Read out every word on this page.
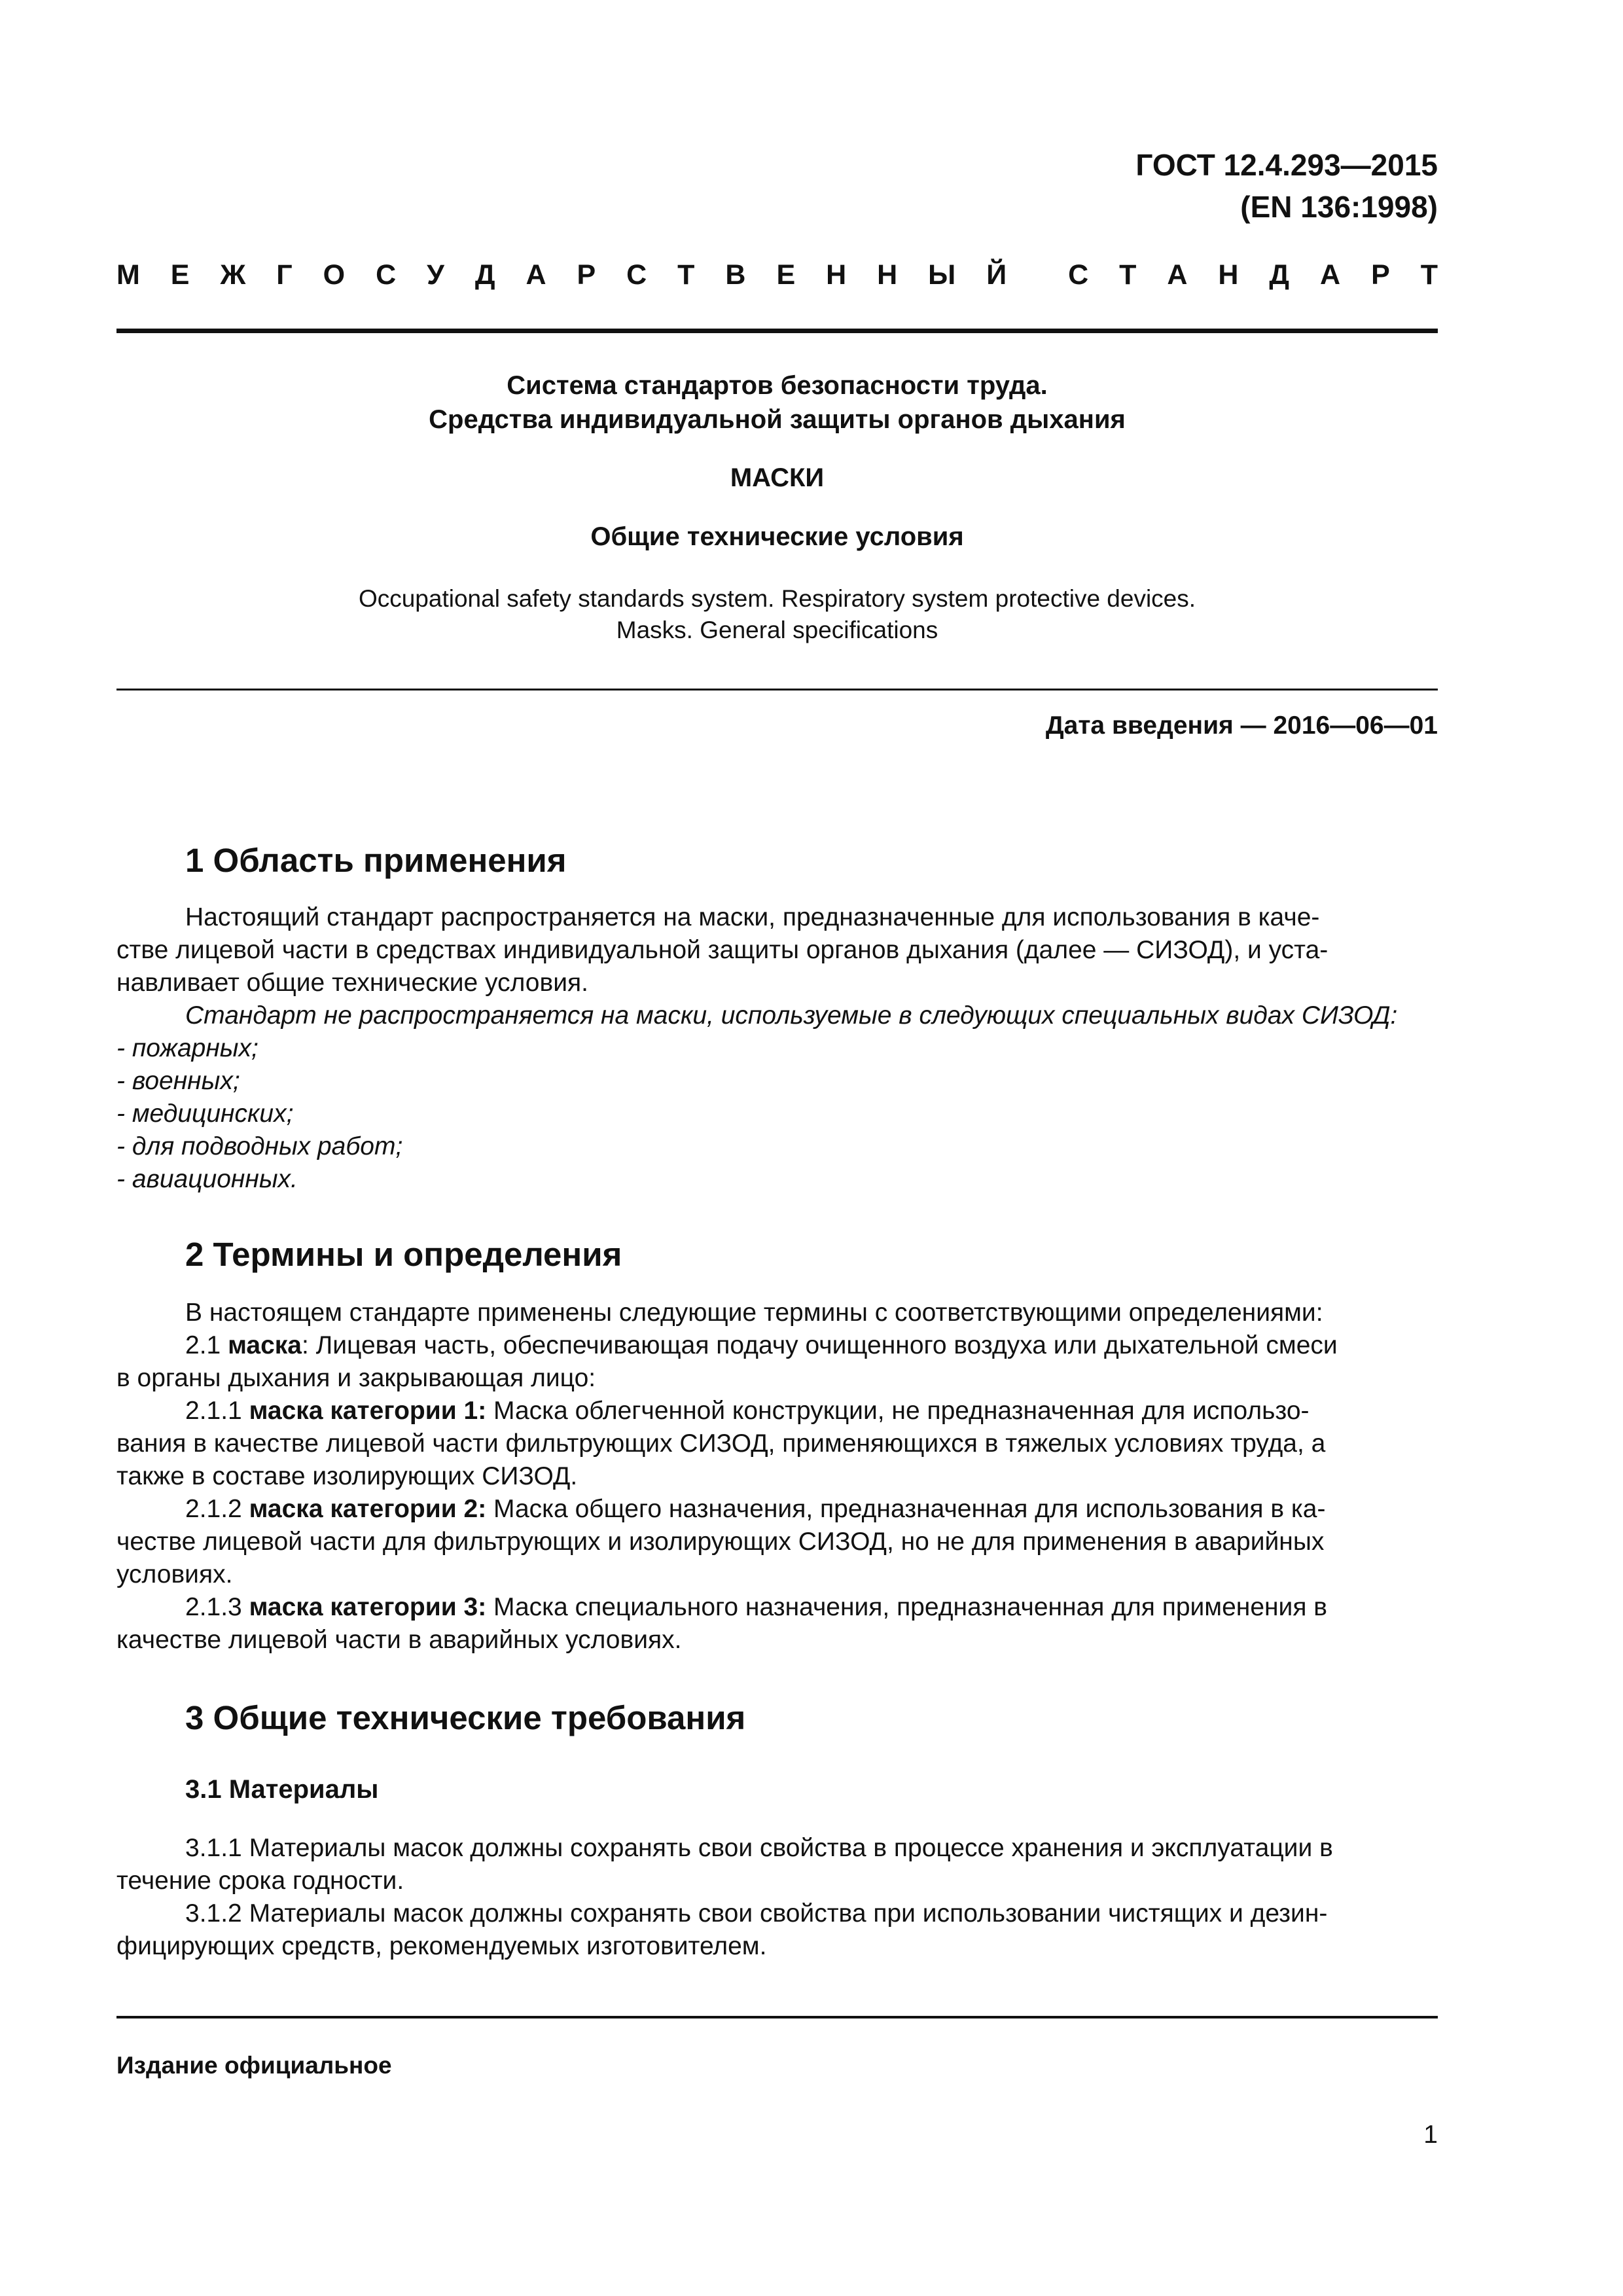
ГОСТ 12.4.293—2015
(EN 136:1998)
М Е Ж Г О С У Д А Р С Т В Е Н Н Ы Й С Т А Н Д А Р Т
Система стандартов безопасности труда.
Средства индивидуальной защиты органов дыхания
МАСКИ
Общие технические условия
Occupational safety standards system. Respiratory system protective devices.
Masks. General specifications
Дата введения — 2016—06—01
1 Область применения
Настоящий стандарт распространяется на маски, предназначенные для использования в каче-
стве лицевой части в средствах индивидуальной защиты органов дыхания (далее — СИЗОД), и уста-
навливает общие технические условия.
Стандарт не распространяется на маски, используемые в следующих специальных видах СИЗОД:
- пожарных;
- военных;
- медицинских;
- для подводных работ;
- авиационных.
2 Термины и определения
В настоящем стандарте применены следующие термины с соответствующими определениями:
2.1 маска: Лицевая часть, обеспечивающая подачу очищенного воздуха или дыхательной смеси
в органы дыхания и закрывающая лицо:
2.1.1 маска категории 1: Маска облегченной конструкции, не предназначенная для использо-
вания в качестве лицевой части фильтрующих СИЗОД, применяющихся в тяжелых условиях труда, а
также в составе изолирующих СИЗОД.
2.1.2 маска категории 2: Маска общего назначения, предназначенная для использования в ка-
честве лицевой части для фильтрующих и изолирующих СИЗОД, но не для применения в аварийных
условиях.
2.1.3 маска категории 3: Маска специального назначения, предназначенная для применения в
качестве лицевой части в аварийных условиях.
3 Общие технические требования
3.1 Материалы
3.1.1 Материалы масок должны сохранять свои свойства в процессе хранения и эксплуатации в
течение срока годности.
3.1.2 Материалы масок должны сохранять свои свойства при использовании чистящих и дезин-
фицирующих средств, рекомендуемых изготовителем.
Издание официальное
1
